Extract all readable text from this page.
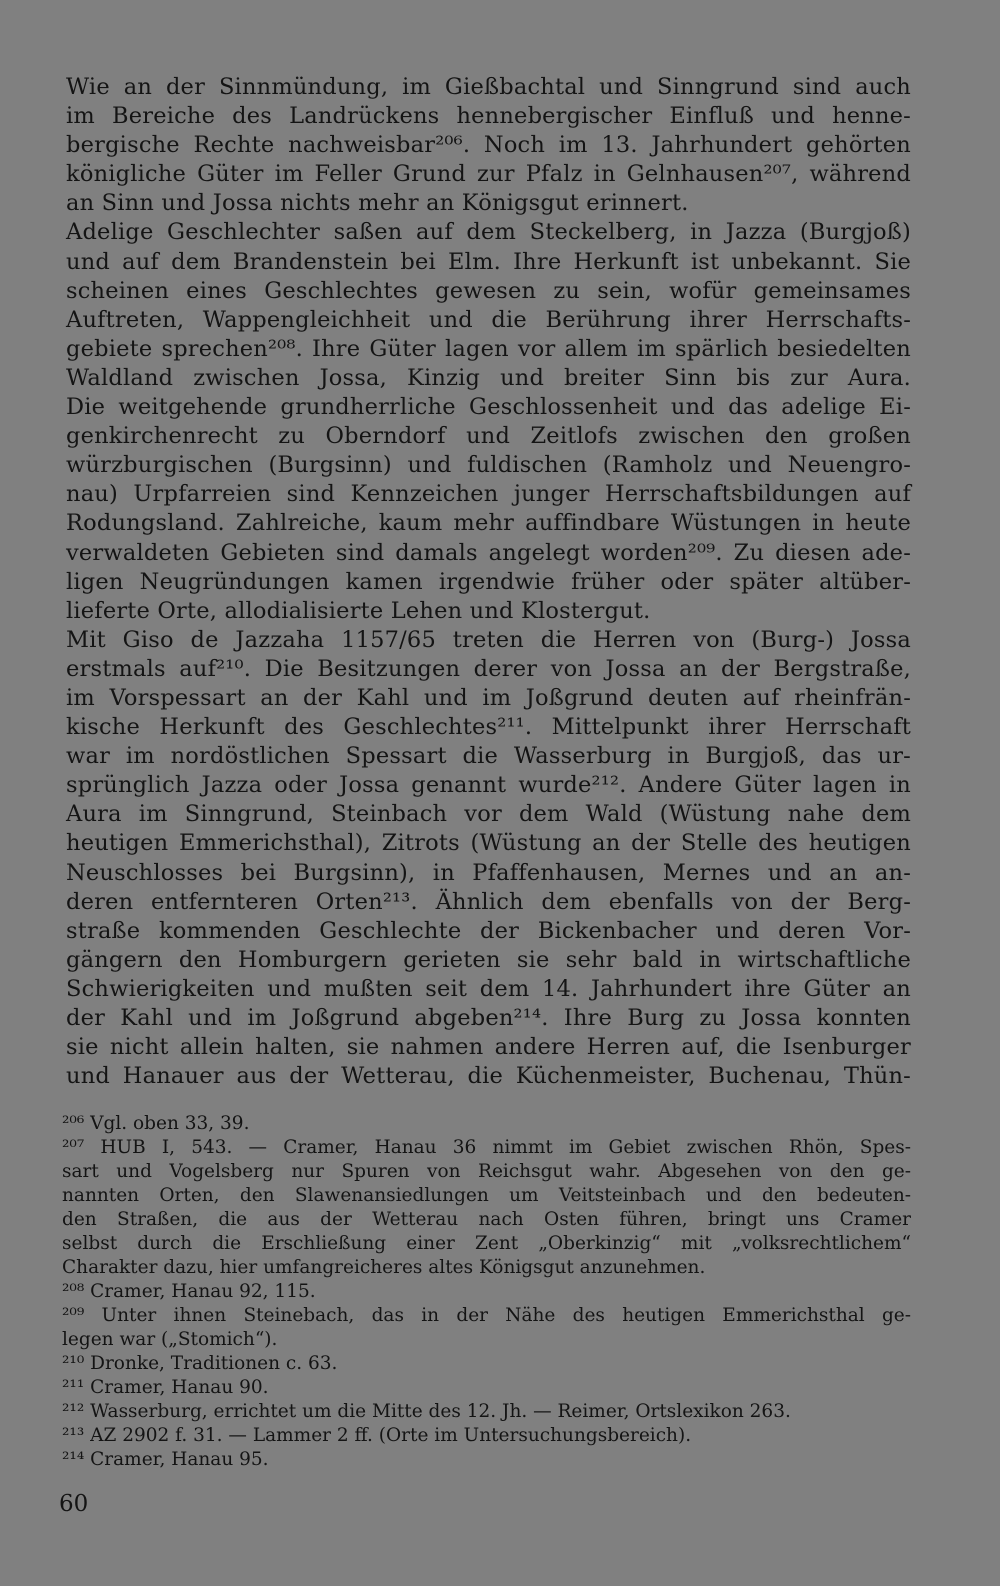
Wie an der Sinnmündung, im Gießbachtal und Sinngrund sind auch
im Bereiche des Landrückens hennebergischer Einfluß und henne-
bergische Rechte nachweisbar²⁰⁶. Noch im 13. Jahrhundert gehörten
königliche Güter im Feller Grund zur Pfalz in Gelnhausen²⁰⁷, während
an Sinn und Jossa nichts mehr an Königsgut erinnert.
Adelige Geschlechter saßen auf dem Steckelberg, in Jazza (Burgjoß)
und auf dem Brandenstein bei Elm. Ihre Herkunft ist unbekannt. Sie
scheinen eines Geschlechtes gewesen zu sein, wofür gemeinsames
Auftreten, Wappengleichheit und die Berührung ihrer Herrschafts-
gebiete sprechen²⁰⁸. Ihre Güter lagen vor allem im spärlich besiedelten
Waldland zwischen Jossa, Kinzig und breiter Sinn bis zur Aura.
Die weitgehende grundherrliche Geschlossenheit und das adelige Ei-
genkirchenrecht zu Oberndorf und Zeitlofs zwischen den großen
würzburgischen (Burgsinn) und fuldischen (Ramholz und Neuengro-
nau) Urpfarreien sind Kennzeichen junger Herrschaftsbildungen auf
Rodungsland. Zahlreiche, kaum mehr auffindbare Wüstungen in heute
verwaldeten Gebieten sind damals angelegt worden²⁰⁹. Zu diesen ade-
ligen Neugründungen kamen irgendwie früher oder später altüber-
lieferte Orte, allodialisierte Lehen und Klostergut.
Mit Giso de Jazzaha 1157/65 treten die Herren von (Burg-) Jossa
erstmals auf²¹⁰. Die Besitzungen derer von Jossa an der Bergstraße,
im Vorspessart an der Kahl und im Joßgrund deuten auf rheinfrän-
kische Herkunft des Geschlechtes²¹¹. Mittelpunkt ihrer Herrschaft
war im nordöstlichen Spessart die Wasserburg in Burgjoß, das ur-
sprünglich Jazza oder Jossa genannt wurde²¹². Andere Güter lagen in
Aura im Sinngrund, Steinbach vor dem Wald (Wüstung nahe dem
heutigen Emmerichsthal), Zitrots (Wüstung an der Stelle des heutigen
Neuschlosses bei Burgsinn), in Pfaffenhausen, Mernes und an an-
deren entfernteren Orten²¹³. Ähnlich dem ebenfalls von der Berg-
straße kommenden Geschlechte der Bickenbacher und deren Vor-
gängern den Homburgern gerieten sie sehr bald in wirtschaftliche
Schwierigkeiten und mußten seit dem 14. Jahrhundert ihre Güter an
der Kahl und im Joßgrund abgeben²¹⁴. Ihre Burg zu Jossa konnten
sie nicht allein halten, sie nahmen andere Herren auf, die Isenburger
und Hanauer aus der Wetterau, die Küchenmeister, Buchenau, Thün-
²⁰⁶ Vgl. oben 33, 39.
²⁰⁷ HUB I, 543. — Cramer, Hanau 36 nimmt im Gebiet zwischen Rhön, Spes-
sart und Vogelsberg nur Spuren von Reichsgut wahr. Abgesehen von den ge-
nannten Orten, den Slawenansiedlungen um Veitsteinbach und den bedeuten-
den Straßen, die aus der Wetterau nach Osten führen, bringt uns Cramer
selbst durch die Erschließung einer Zent „Oberkinzig“ mit „volksrechtlichem“
Charakter dazu, hier umfangreicheres altes Königsgut anzunehmen.
²⁰⁸ Cramer, Hanau 92, 115.
²⁰⁹ Unter ihnen Steinebach, das in der Nähe des heutigen Emmerichsthal ge-
legen war („Stomich“).
²¹⁰ Dronke, Traditionen c. 63.
²¹¹ Cramer, Hanau 90.
²¹² Wasserburg, errichtet um die Mitte des 12. Jh. — Reimer, Ortslexikon 263.
²¹³ AZ 2902 f. 31. — Lammer 2 ff. (Orte im Untersuchungsbereich).
²¹⁴ Cramer, Hanau 95.
60
